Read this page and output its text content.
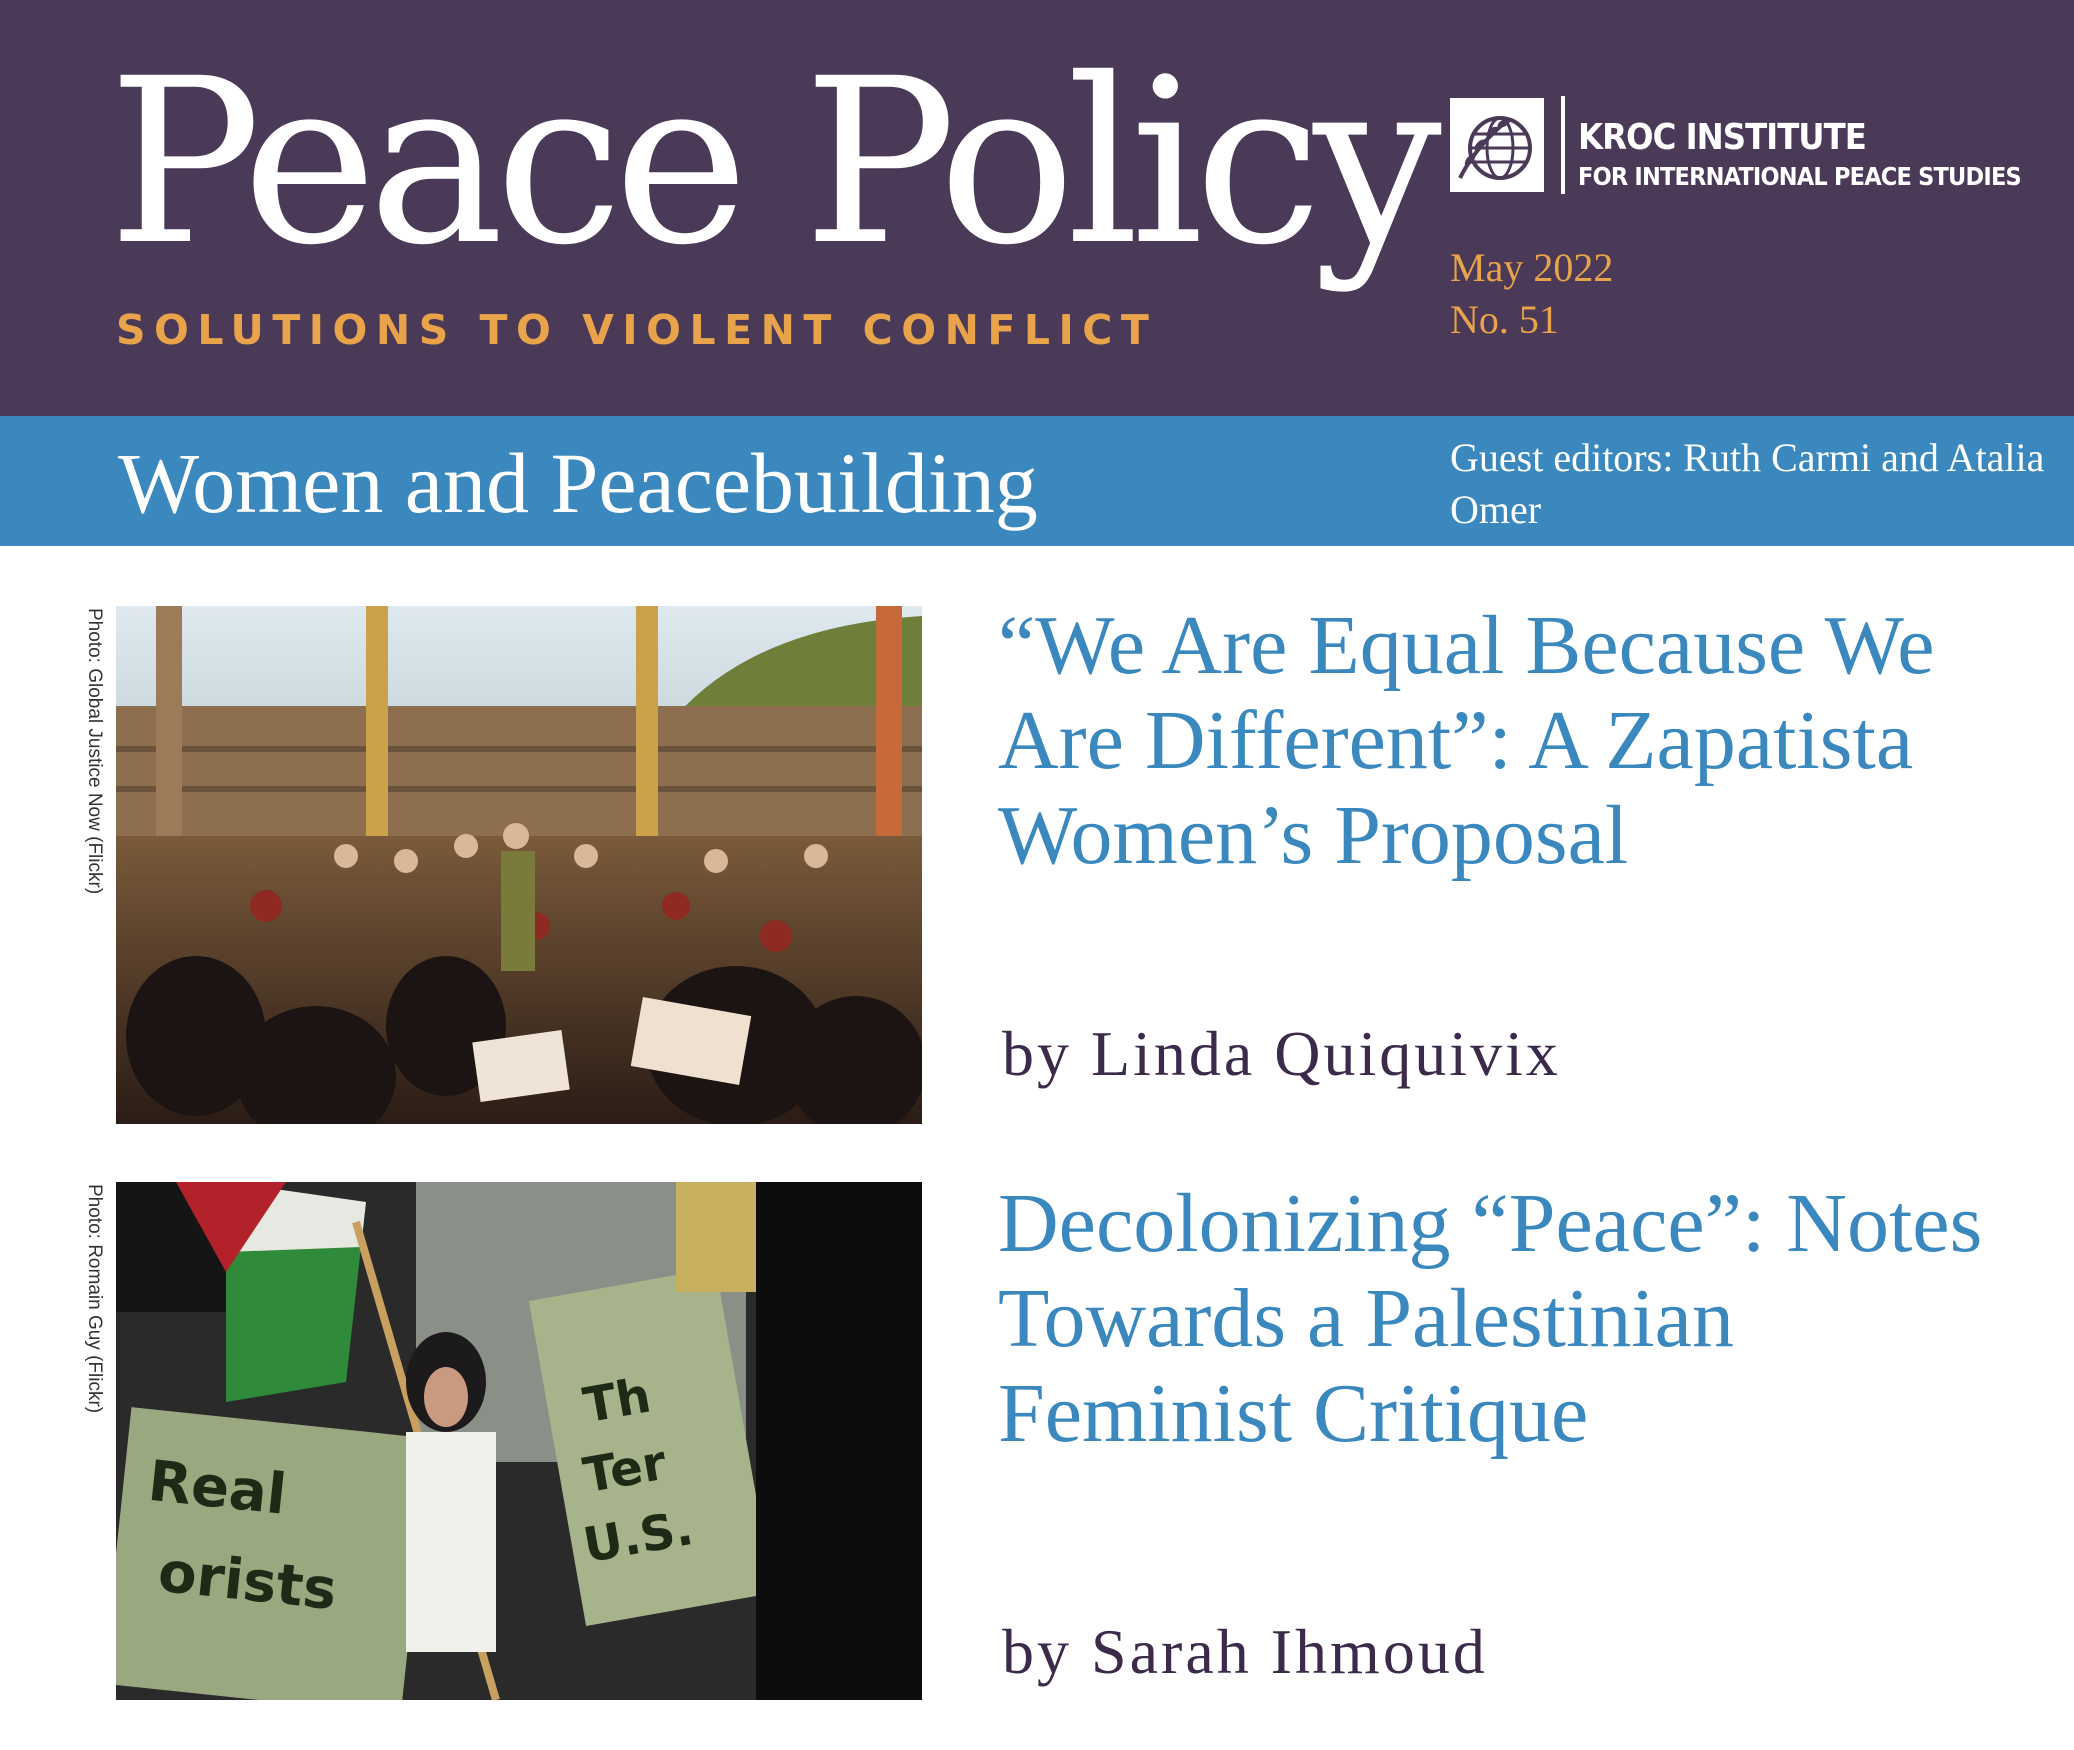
Peace Policy
SOLUTIONS TO VIOLENT CONFLICT
KROC INSTITUTE
FOR INTERNATIONAL PEACE STUDIES
May 2022
No. 51
Women and Peacebuilding	Guest editors: Ruth Carmi and Atalia Omer
Photo: Global Justice Now (Flickr)	“We Are Equal Because We Are Different”: A Zapatista Women’s Proposal
by Linda Quiquivix
Photo: Romain Guy (Flickr)
Real
orists
Th
Ter
U.S.
Decolonizing “Peace”: Notes Towards a Palestinian Feminist Critique
by Sarah Ihmoud
